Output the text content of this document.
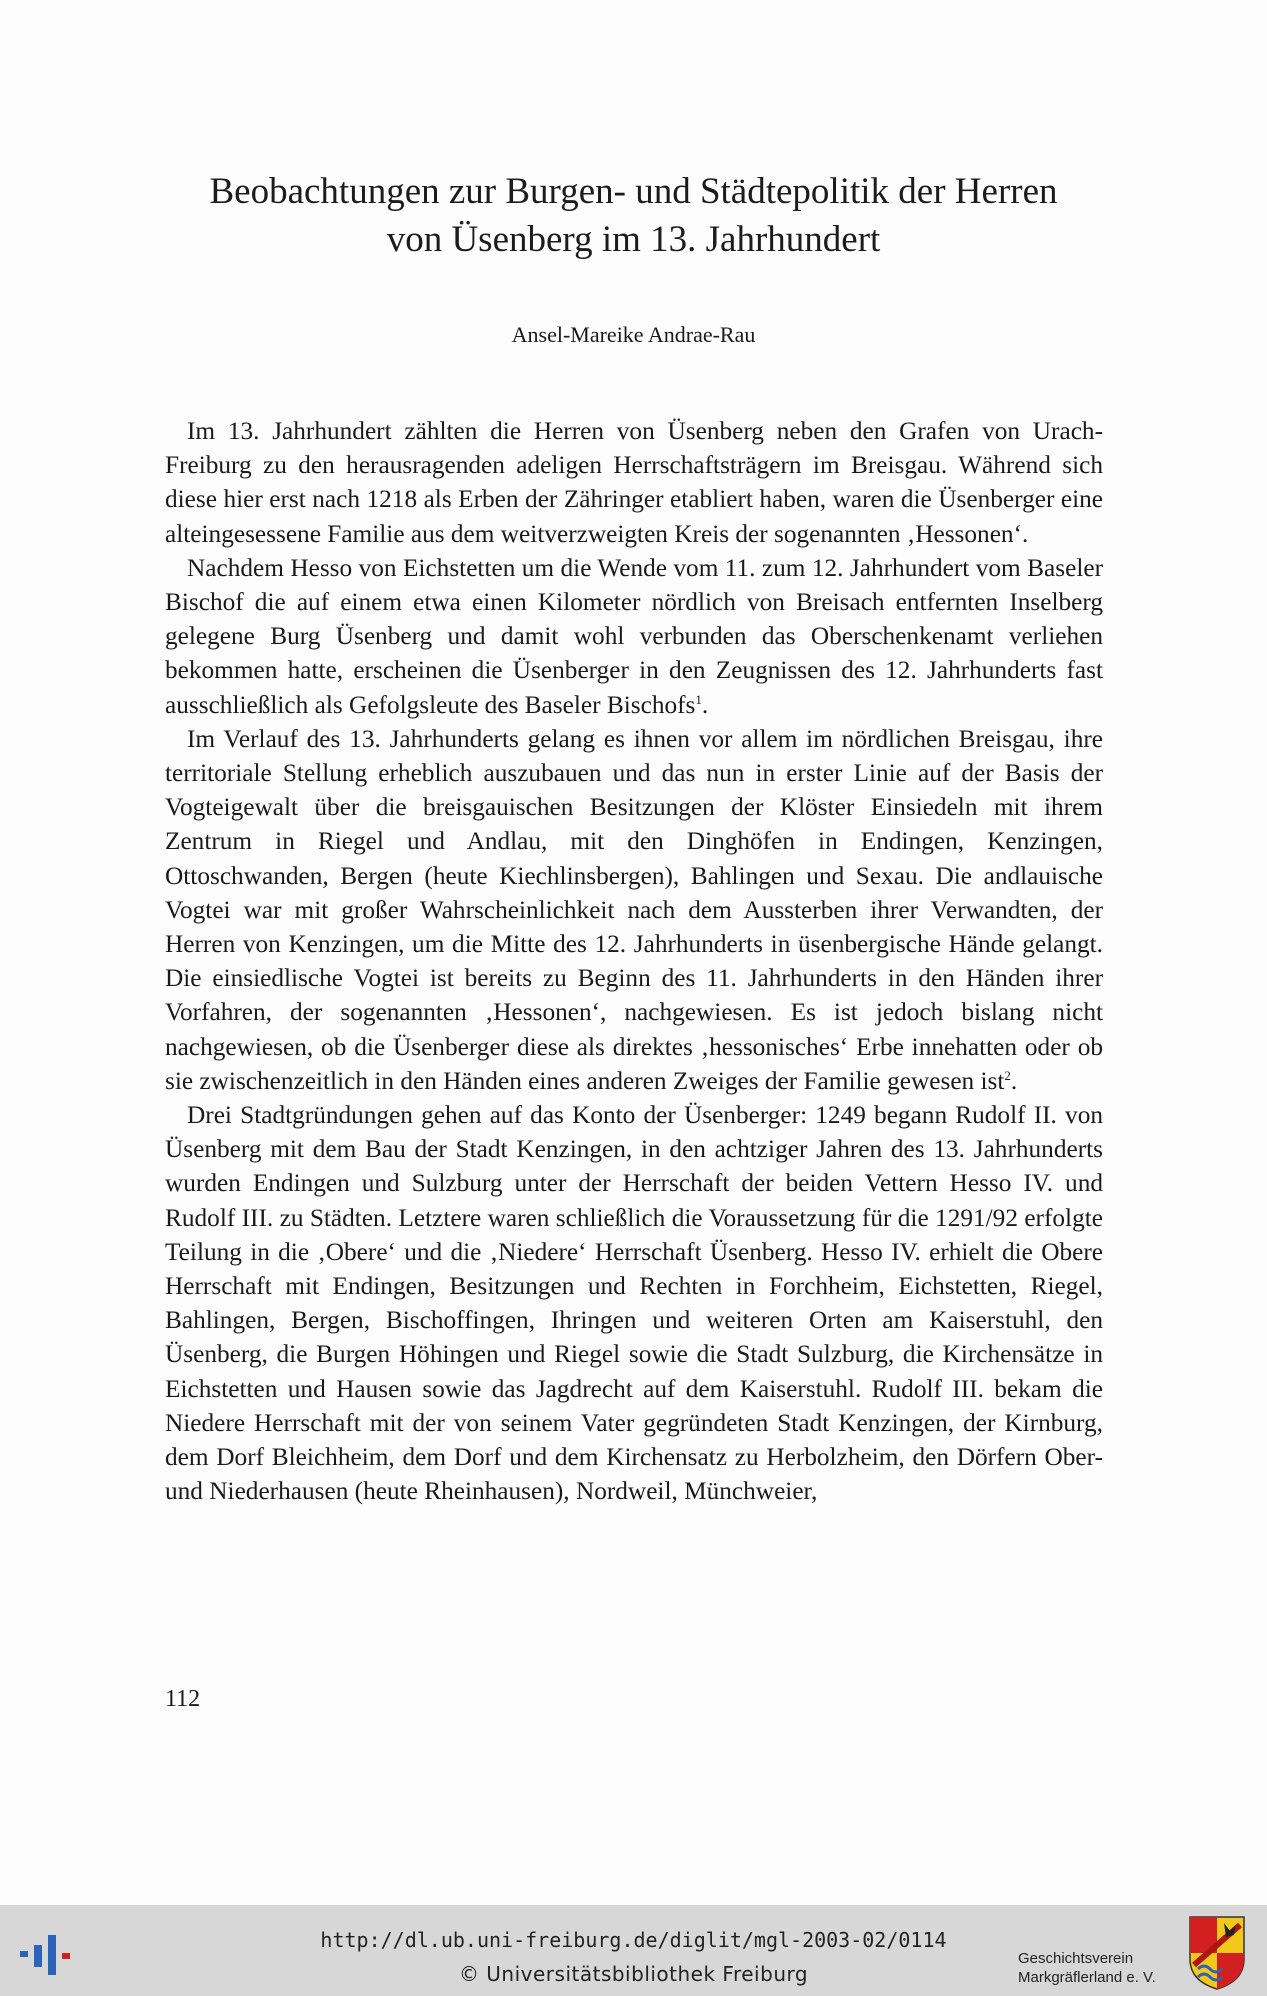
Beobachtungen zur Burgen- und Städtepolitik der Herren
von Üsenberg im 13. Jahrhundert
Ansel-Mareike Andrae-Rau

Im 13. Jahrhundert zählten die Herren von Üsenberg neben den Grafen von Urach-Freiburg zu den herausragenden adeligen Herrschaftsträgern im Breisgau. Während sich diese hier erst nach 1218 als Erben der Zähringer etabliert haben, waren die Üsenberger eine alteingesessene Familie aus dem weitverzweigten Kreis der sogenannten ‚Hessonen‘.

Nachdem Hesso von Eichstetten um die Wende vom 11. zum 12. Jahrhundert vom Baseler Bischof die auf einem etwa einen Kilometer nördlich von Breisach entfernten Inselberg gelegene Burg Üsenberg und damit wohl verbunden das Oberschenkenamt verliehen bekommen hatte, erscheinen die Üsenberger in den Zeugnissen des 12. Jahrhunderts fast ausschließlich als Gefolgsleute des Baseler Bischofs$^1$.

Im Verlauf des 13. Jahrhunderts gelang es ihnen vor allem im nördlichen Breisgau, ihre territoriale Stellung erheblich auszubauen und das nun in erster Linie auf der Basis der Vogteigewalt über die breisgauischen Besitzungen der Klöster Einsiedeln mit ihrem Zentrum in Riegel und Andlau, mit den Dinghöfen in Endingen, Kenzingen, Ottoschwanden, Bergen (heute Kiechlinsbergen), Bahlingen und Sexau. Die andlauische Vogtei war mit großer Wahrscheinlichkeit nach dem Aussterben ihrer Verwandten, der Herren von Kenzingen, um die Mitte des 12. Jahrhunderts in üsenbergische Hände gelangt. Die einsiedlische Vogtei ist bereits zu Beginn des 11. Jahrhunderts in den Händen ihrer Vorfahren, der sogenannten ‚Hessonen‘, nachgewiesen. Es ist jedoch bislang nicht nachgewiesen, ob die Üsenberger diese als direktes ‚hessonisches‘ Erbe innehatten oder ob sie zwischenzeitlich in den Händen eines anderen Zweiges der Familie gewesen ist$^2$.

Drei Stadtgründungen gehen auf das Konto der Üsenberger: 1249 begann Rudolf II. von Üsenberg mit dem Bau der Stadt Kenzingen, in den achtziger Jahren des 13. Jahrhunderts wurden Endingen und Sulzburg unter der Herrschaft der beiden Vettern Hesso IV. und Rudolf III. zu Städten. Letztere waren schließlich die Voraussetzung für die 1291/92 erfolgte Teilung in die ‚Obere‘ und die ‚Niedere‘ Herrschaft Üsenberg. Hesso IV. erhielt die Obere Herrschaft mit Endingen, Besitzungen und Rechten in Forchheim, Eichstetten, Riegel, Bahlingen, Bergen, Bischoffingen, Ihringen und weiteren Orten am Kaiserstuhl, den Üsenberg, die Burgen Höhingen und Riegel sowie die Stadt Sulzburg, die Kirchensätze in Eichstetten und Hausen sowie das Jagdrecht auf dem Kaiserstuhl. Rudolf III. bekam die Niedere Herrschaft mit der von seinem Vater gegründeten Stadt Kenzingen, der Kirnburg, dem Dorf Bleichheim, dem Dorf und dem Kirchensatz zu Herbolzheim, den Dörfern Ober- und Niederhausen (heute Rheinhausen), Nordweil, Münchweier,

112
http://dl.ub.uni-freiburg.de/diglit/mgl-2003-02/0114
© Universitätsbibliothek Freiburg
Geschichtsverein
Markgräflerland e. V.
